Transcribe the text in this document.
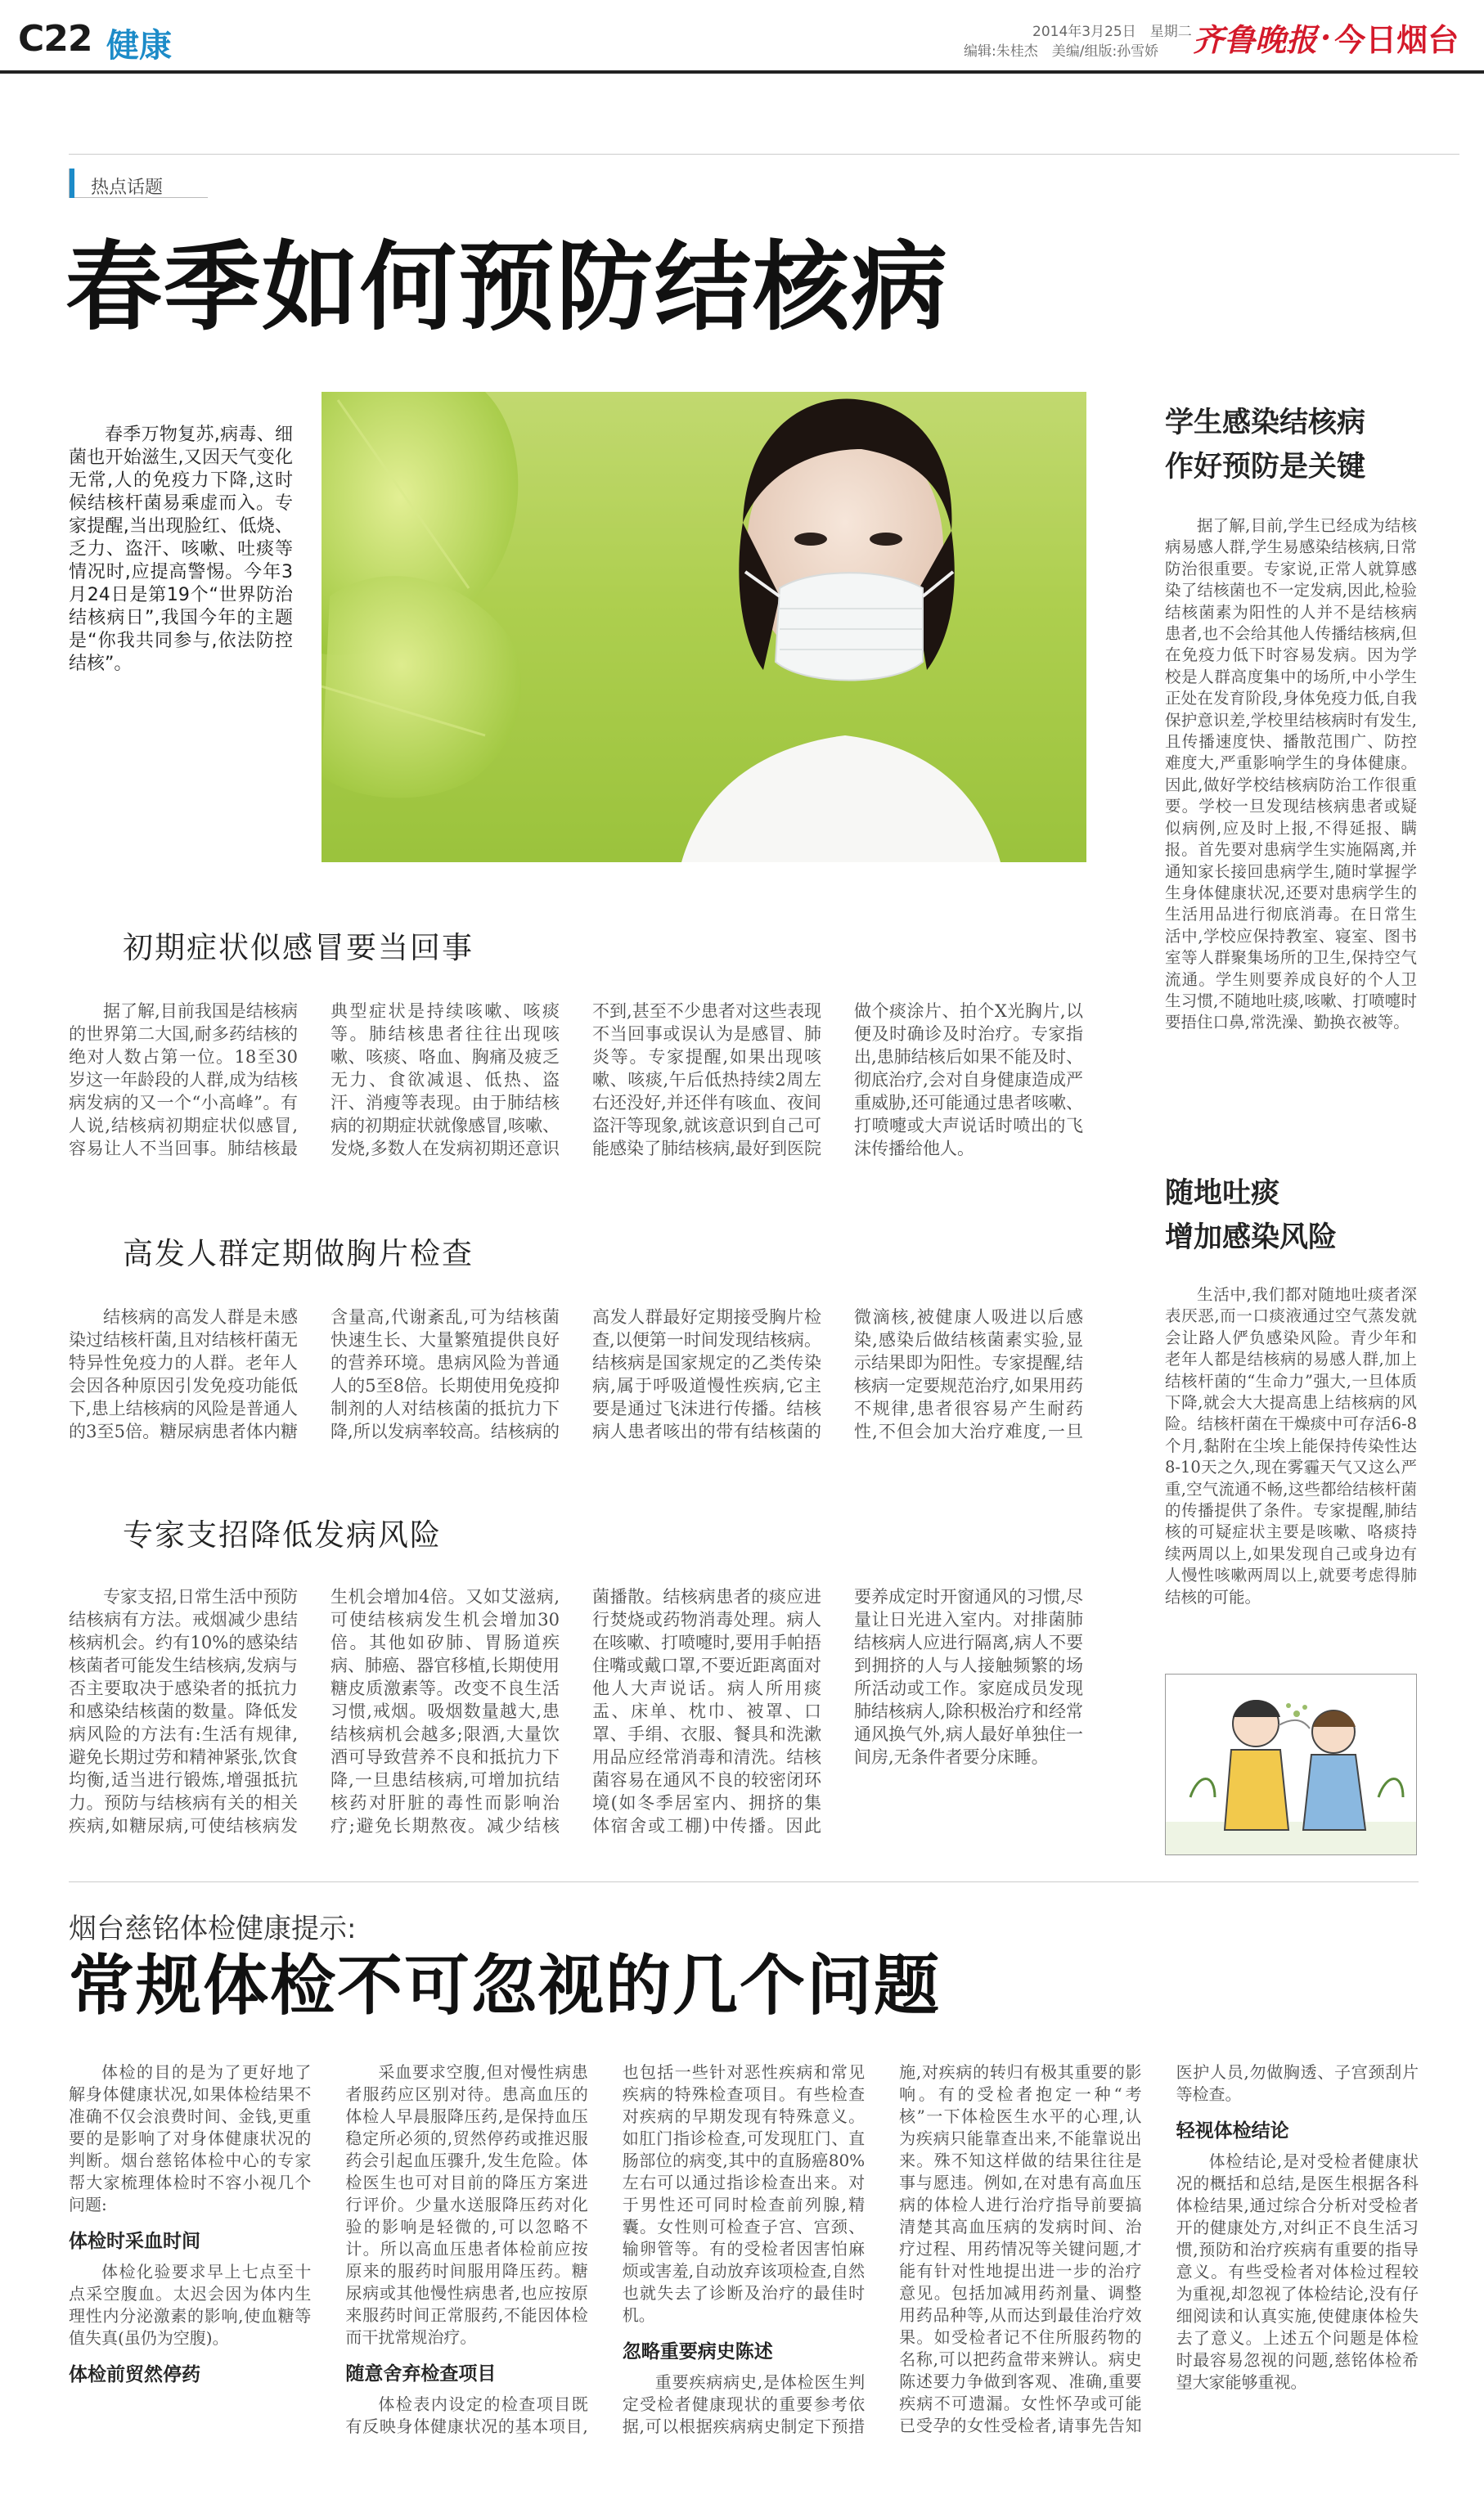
C22 健康	2014年3月25日　星期二
编辑:朱桂杰　美编/组版:孙雪娇 齐鲁晚报 · 今日烟台
热点话题
春季如何预防结核病
春季万物复苏,病毒、细菌也开始滋生,又因天气变化无常,人的免疫力下降,这时候结核杆菌易乘虚而入。专家提醒,当出现脸红、低烧、乏力、盗汗、咳嗽、吐痰等情况时,应提高警惕。今年3月24日是第19个“世界防治结核病日”,我国今年的主题是“你我共同参与,依法防控结核”。
初期症状似感冒要当回事

据了解,目前我国是结核病的世界第二大国,耐多药结核的绝对人数占第一位。18至30岁这一年龄段的人群,成为结核病发病的又一个“小高峰”。有人说,结核病初期症状似感冒,容易让人不当回事。肺结核最典型症状是持续咳嗽、咳痰等。肺结核患者往往出现咳嗽、咳痰、咯血、胸痛及疲乏无力、食欲减退、低热、盗汗、消瘦等表现。由于肺结核病的初期症状就像感冒,咳嗽、发烧,多数人在发病初期还意识不到,甚至不少患者对这些表现不当回事或误认为是感冒、肺炎等。专家提醒,如果出现咳嗽、咳痰,午后低热持续2周左右还没好,并还伴有咳血、夜间盗汗等现象,就该意识到自己可能感染了肺结核病,最好到医院做个痰涂片、拍个X光胸片,以便及时确诊及时治疗。专家指出,患肺结核后如果不能及时、彻底治疗,会对自身健康造成严重威胁,还可能通过患者咳嗽、打喷嚏或大声说话时喷出的飞沫传播给他人。

高发人群定期做胸片检查

结核病的高发人群是未感染过结核杆菌,且对结核杆菌无特异性免疫力的人群。老年人会因各种原因引发免疫功能低下,患上结核病的风险是普通人的3至5倍。糖尿病患者体内糖含量高,代谢紊乱,可为结核菌快速生长、大量繁殖提供良好的营养环境。患病风险为普通人的5至8倍。长期使用免疫抑制剂的人对结核菌的抵抗力下降,所以发病率较高。结核病的高发人群最好定期接受胸片检查,以便第一时间发现结核病。结核病是国家规定的乙类传染病,属于呼吸道慢性疾病,它主要是通过飞沫进行传播。结核病人患者咳出的带有结核菌的微滴核,被健康人吸进以后感染,感染后做结核菌素实验,显示结果即为阳性。专家提醒,结核病一定要规范治疗,如果用药不规律,患者很容易产生耐药性,不但会加大治疗难度,一旦

专家支招降低发病风险

专家支招,日常生活中预防结核病有方法。戒烟减少患结核病机会。约有10%的感染结核菌者可能发生结核病,发病与否主要取决于感染者的抵抗力和感染结核菌的数量。降低发病风险的方法有:生活有规律,避免长期过劳和精神紧张,饮食均衡,适当进行锻炼,增强抵抗力。预防与结核病有关的相关疾病,如糖尿病,可使结核病发生机会增加4倍。又如艾滋病,可使结核病发生机会增加30倍。其他如矽肺、胃肠道疾病、肺癌、器官移植,长期使用糖皮质激素等。改变不良生活习惯,戒烟。吸烟数量越大,患结核病机会越多;限酒,大量饮酒可导致营养不良和抵抗力下降,一旦患结核病,可增加抗结核药对肝脏的毒性而影响治疗;避免长期熬夜。减少结核菌播散。结核病患者的痰应进行焚烧或药物消毒处理。病人在咳嗽、打喷嚏时,要用手帕捂住嘴或戴口罩,不要近距离面对他人大声说话。病人所用痰盂、床单、枕巾、被罩、口罩、手绢、衣服、餐具和洗漱用品应经常消毒和清洗。结核菌容易在通风不良的较密闭环境(如冬季居室内、拥挤的集体宿舍或工棚)中传播。因此要养成定时开窗通风的习惯,尽量让日光进入室内。对排菌肺结核病人应进行隔离,病人不要到拥挤的人与人接触频繁的场所活动或工作。家庭成员发现肺结核病人,除积极治疗和经常通风换气外,病人最好单独住一间房,无条件者要分床睡。

学生感染结核病
作好预防是关键

据了解,目前,学生已经成为结核病易感人群,学生易感染结核病,日常防治很重要。专家说,正常人就算感染了结核菌也不一定发病,因此,检验结核菌素为阳性的人并不是结核病患者,也不会给其他人传播结核病,但在免疫力低下时容易发病。因为学校是人群高度集中的场所,中小学生正处在发育阶段,身体免疫力低,自我保护意识差,学校里结核病时有发生,且传播速度快、播散范围广、防控难度大,严重影响学生的身体健康。因此,做好学校结核病防治工作很重要。学校一旦发现结核病患者或疑似病例,应及时上报,不得延报、瞒报。首先要对患病学生实施隔离,并通知家长接回患病学生,随时掌握学生身体健康状况,还要对患病学生的生活用品进行彻底消毒。在日常生活中,学校应保持教室、寝室、图书室等人群聚集场所的卫生,保持空气流通。学生则要养成良好的个人卫生习惯,不随地吐痰,咳嗽、打喷嚏时要捂住口鼻,常洗澡、勤换衣被等。

随地吐痰
增加感染风险

生活中,我们都对随地吐痰者深表厌恶,而一口痰液通过空气蒸发就会让路人俨负感染风险。青少年和老年人都是结核病的易感人群,加上结核杆菌的“生命力”强大,一旦体质下降,就会大大提高患上结核病的风险。结核杆菌在干燥痰中可存活6-8个月,黏附在尘埃上能保持传染性达8-10天之久,现在雾霾天气又这么严重,空气流通不畅,这些都给结核杆菌的传播提供了条件。专家提醒,肺结核的可疑症状主要是咳嗽、咯痰持续两周以上,如果发现自己或身边有人慢性咳嗽两周以上,就要考虑得肺结核的可能。

烟台慈铭体检健康提示:
常规体检不可忽视的几个问题

体检的目的是为了更好地了解身体健康状况,如果体检结果不准确不仅会浪费时间、金钱,更重要的是影响了对身体健康状况的判断。烟台慈铭体检中心的专家帮大家梳理体检时不容小视几个问题:

体检时采血时间

体检化验要求早上七点至十点采空腹血。太迟会因为体内生理性内分泌激素的影响,使血糖等值失真(虽仍为空腹)。

体检前贸然停药

采血要求空腹,但对慢性病患者服药应区别对待。患高血压的体检人早晨服降压药,是保持血压稳定所必须的,贸然停药或推迟服药会引起血压骤升,发生危险。体检医生也可对目前的降压方案进行评价。少量水送服降压药对化验的影响是轻微的,可以忽略不计。所以高血压患者体检前应按原来的服药时间服用降压药。糖尿病或其他慢性病患者,也应按原来服药时间正常服药,不能因体检而干扰常规治疗。

随意舍弃检查项目

体检表内设定的检查项目既有反映身体健康状况的基本项目,也包括一些针对恶性疾病和常见疾病的特殊检查项目。有些检查对疾病的早期发现有特殊意义。如肛门指诊检查,可发现肛门、直肠部位的病变,其中的直肠癌80%左右可以通过指诊检查出来。对于男性还可同时检查前列腺,精囊。女性则可检查子宫、宫颈、输卵管等。有的受检者因害怕麻烦或害羞,自动放弃该项检查,自然也就失去了诊断及治疗的最佳时机。

忽略重要病史陈述

重要疾病病史,是体检医生判定受检者健康现状的重要参考依据,可以根据疾病病史制定下预措施,对疾病的转归有极其重要的影响。有的受检者抱定一种“考核”一下体检医生水平的心理,认为疾病只能靠查出来,不能靠说出来。殊不知这样做的结果往往是事与愿违。例如,在对患有高血压病的体检人进行治疗指导前要搞清楚其高血压病的发病时间、治疗过程、用药情况等关键问题,才能有针对性地提出进一步的治疗意见。包括加减用药剂量、调整用药品种等,从而达到最佳治疗效果。如受检者记不住所服药物的名称,可以把药盒带来辨认。病史陈述要力争做到客观、准确,重要疾病不可遗漏。女性怀孕或可能已受孕的女性受检者,请事先告知医护人员,勿做胸透、子宫颈刮片等检查。

轻视体检结论

体检结论,是对受检者健康状况的概括和总结,是医生根据各科体检结果,通过综合分析对受检者开的健康处方,对纠正不良生活习惯,预防和治疗疾病有重要的指导意义。有些受检者对体检过程较为重视,却忽视了体检结论,没有仔细阅读和认真实施,使健康体检失去了意义。上述五个问题是体检时最容易忽视的问题,慈铭体检希望大家能够重视。
